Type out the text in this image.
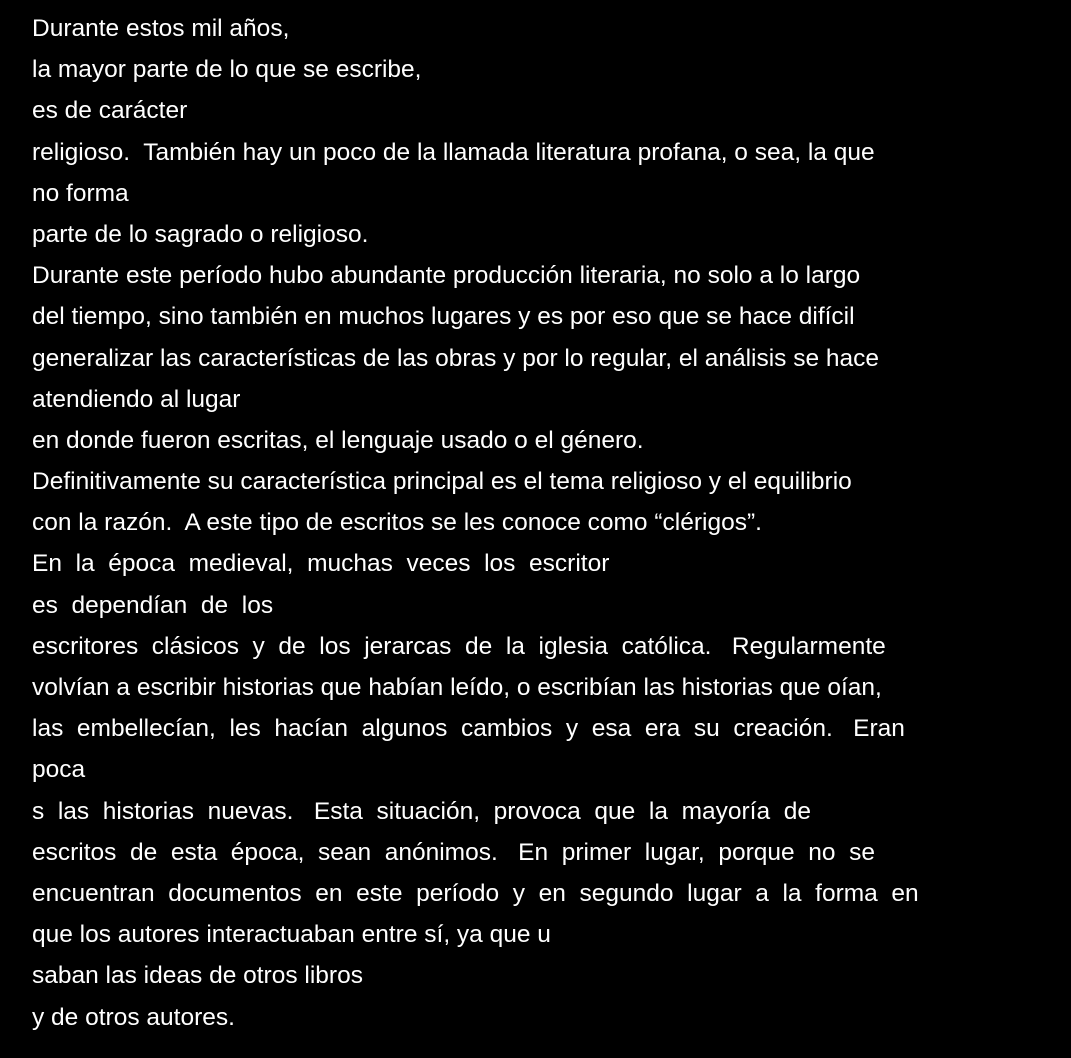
Durante estos mil años,
la mayor parte de lo que se escribe,
es de carácter
religioso.  También hay un poco de la llamada literatura profana, o sea, la que
no forma
parte de lo sagrado o religioso.
Durante este período hubo abundante producción literaria, no solo a lo largo
del tiempo, sino también en muchos lugares y es por eso que se hace difícil
generalizar las características de las obras y por lo regular, el análisis se hace
atendiendo al lugar
en donde fueron escritas, el lenguaje usado o el género.
Definitivamente su característica principal es el tema religioso y el equilibrio
con la razón.  A este tipo de escritos se les conoce como “clérigos”.
En  la  época  medieval,  muchas  veces  los  escritor
es  dependían  de  los
escritores  clásicos  y  de  los  jerarcas  de  la  iglesia  católica.   Regularmente
volvían a escribir historias que habían leído, o escribían las historias que oían,
las  embellecían,  les  hacían  algunos  cambios  y  esa  era  su  creación.   Eran
poca
s  las  historias  nuevas.   Esta  situación,  provoca  que  la  mayoría  de
escritos  de  esta  época,  sean  anónimos.   En  primer  lugar,  porque  no  se
encuentran  documentos  en  este  período  y  en  segundo  lugar  a  la  forma  en
que los autores interactuaban entre sí, ya que u
saban las ideas de otros libros
y de otros autores.
